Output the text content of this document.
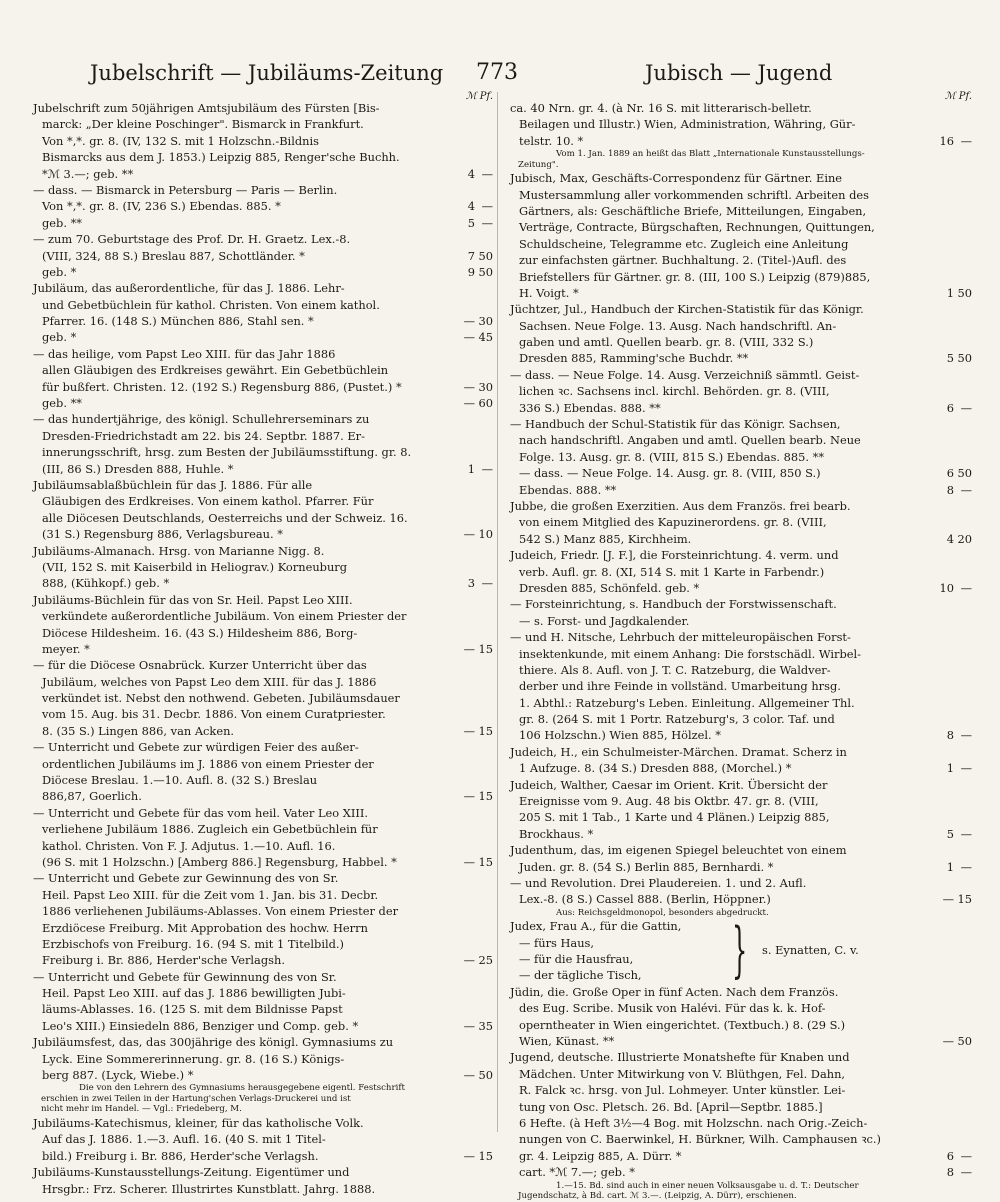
Jubelschrift — Jubiläums-Zeitung 773	Jubisch — Jugend
ℳ Pf.
Jubelschrift zum 50jährigen Amtsjubiläum des Fürsten [Bis-
marck: „Der kleine Poschinger". Bismarck in Frankfurt.
Von *,*. gr. 8. (IV, 132 S. mit 1 Holzschn.-Bildnis
Bismarcks aus dem J. 1853.) Leipzig 885, Renger'sche Buchh.
*ℳ 3.—; geb. **	4 —
— dass. — Bismarck in Petersburg — Paris — Berlin.
Von *,*. gr. 8. (IV, 236 S.) Ebendas. 885. *	4 —
geb. **	5 —
— zum 70. Geburtstage des Prof. Dr. H. Graetz. Lex.-8.
(VIII, 324, 88 S.) Breslau 887, Schottländer. *	7 50
geb. *	9 50
Jubiläum, das außerordentliche, für das J. 1886. Lehr-
und Gebetbüchlein für kathol. Christen. Von einem kathol.
Pfarrer. 16. (148 S.) München 886, Stahl sen. *	— 30
geb. *	— 45
— das heilige, vom Papst Leo XIII. für das Jahr 1886
allen Gläubigen des Erdkreises gewährt. Ein Gebetbüchlein
für bußfert. Christen. 12. (192 S.) Regensburg 886, (Pustet.) *	— 30
geb. **	— 60
— das hundertjährige, des königl. Schullehrerseminars zu
Dresden-Friedrichstadt am 22. bis 24. Septbr. 1887. Er-
innerungsschrift, hrsg. zum Besten der Jubiläumsstiftung. gr. 8.
(III, 86 S.) Dresden 888, Huhle. *	1 —
Jubiläumsablaßbüchlein für das J. 1886. Für alle
Gläubigen des Erdkreises. Von einem kathol. Pfarrer. Für
alle Diöcesen Deutschlands, Oesterreichs und der Schweiz. 16.
(31 S.) Regensburg 886, Verlagsbureau. *	— 10
Jubiläums-Almanach. Hrsg. von Marianne Nigg. 8.
(VII, 152 S. mit Kaiserbild in Heliograv.) Korneuburg
888, (Kühkopf.) geb. *	3 —
Jubiläums-Büchlein für das von Sr. Heil. Papst Leo XIII.
verkündete außerordentliche Jubiläum. Von einem Priester der
Diöcese Hildesheim. 16. (43 S.) Hildesheim 886, Borg-
meyer. *	— 15
— für die Diöcese Osnabrück. Kurzer Unterricht über das
Jubiläum, welches von Papst Leo dem XIII. für das J. 1886
verkündet ist. Nebst den nothwend. Gebeten. Jubiläumsdauer
vom 15. Aug. bis 31. Decbr. 1886. Von einem Curatpriester.
8. (35 S.) Lingen 886, van Acken.	— 15
— Unterricht und Gebete zur würdigen Feier des außer-
ordentlichen Jubiläums im J. 1886 von einem Priester der
Diöcese Breslau. 1.—10. Aufl. 8. (32 S.) Breslau
886,87, Goerlich.	— 15
— Unterricht und Gebete für das vom heil. Vater Leo XIII.
verliehene Jubiläum 1886. Zugleich ein Gebetbüchlein für
kathol. Christen. Von F. J. Adjutus. 1.—10. Aufl. 16.
(96 S. mit 1 Holzschn.) [Amberg 886.] Regensburg, Habbel. *	— 15
— Unterricht und Gebete zur Gewinnung des von Sr.
Heil. Papst Leo XIII. für die Zeit vom 1. Jan. bis 31. Decbr.
1886 verliehenen Jubiläums-Ablasses. Von einem Priester der
Erzdiöcese Freiburg. Mit Approbation des hochw. Herrn
Erzbischofs von Freiburg. 16. (94 S. mit 1 Titelbild.)
Freiburg i. Br. 886, Herder'sche Verlagsh.	— 25
— Unterricht und Gebete für Gewinnung des von Sr.
Heil. Papst Leo XIII. auf das J. 1886 bewilligten Jubi-
läums-Ablasses. 16. (125 S. mit dem Bildnisse Papst
Leo's XIII.) Einsiedeln 886, Benziger und Comp. geb. *	— 35
Jubiläumsfest, das, das 300jährige des königl. Gymnasiums zu
Lyck. Eine Sommererinnerung. gr. 8. (16 S.) Königs-
berg 887. (Lyck, Wiebe.) *	— 50
Die von den Lehrern des Gymnasiums herausgegebene eigentl. Festschrift
erschien in zwei Teilen in der Hartung'schen Verlags-Druckerei und ist
nicht mehr im Handel. — Vgl.: Friedeberg, M.
Jubiläums-Katechismus, kleiner, für das katholische Volk.
Auf das J. 1886. 1.—3. Aufl. 16. (40 S. mit 1 Titel-
bild.) Freiburg i. Br. 886, Herder'sche Verlagsh.	— 15
Jubiläums-Kunstausstellungs-Zeitung. Eigentümer und
Hrsgbr.: Frz. Scherer. Illustrirtes Kunstblatt. Jahrg. 1888.
ℳ Pf.
ca. 40 Nrn. gr. 4. (à Nr. 16 S. mit litterarisch-belletr.
Beilagen und Illustr.) Wien, Administration, Währing, Gür-
telstr. 10. *	16 —
Vom 1. Jan. 1889 an heißt das Blatt „Internationale Kunstausstellungs-
Zeitung".
Jubisch, Max, Geschäfts-Correspondenz für Gärtner. Eine
Mustersammlung aller vorkommenden schriftl. Arbeiten des
Gärtners, als: Geschäftliche Briefe, Mitteilungen, Eingaben,
Verträge, Contracte, Bürgschaften, Rechnungen, Quittungen,
Schuldscheine, Telegramme etc. Zugleich eine Anleitung
zur einfachsten gärtner. Buchhaltung. 2. (Titel-)Aufl. des
Briefstellers für Gärtner. gr. 8. (III, 100 S.) Leipzig (879)885,
H. Voigt. *	1 50
Jüchtzer, Jul., Handbuch der Kirchen-Statistik für das Königr.
Sachsen. Neue Folge. 13. Ausg. Nach handschriftl. An-
gaben und amtl. Quellen bearb. gr. 8. (VIII, 332 S.)
Dresden 885, Ramming'sche Buchdr. **	5 50
— dass. — Neue Folge. 14. Ausg. Verzeichniß sämmtl. Geist-
lichen ꝛc. Sachsens incl. kirchl. Behörden. gr. 8. (VIII,
336 S.) Ebendas. 888. **	6 —
— Handbuch der Schul-Statistik für das Königr. Sachsen,
nach handschriftl. Angaben und amtl. Quellen bearb. Neue
Folge. 13. Ausg. gr. 8. (VIII, 815 S.) Ebendas. 885. **
— dass. — Neue Folge. 14. Ausg. gr. 8. (VIII, 850 S.)	6 50
Ebendas. 888. **	8 —
Jubbe, die großen Exerzitien. Aus dem Französ. frei bearb.
von einem Mitglied des Kapuzinerordens. gr. 8. (VIII,
542 S.) Manz 885, Kirchheim.	4 20
Judeich, Friedr. [J. F.], die Forsteinrichtung. 4. verm. und
verb. Aufl. gr. 8. (XI, 514 S. mit 1 Karte in Farbendr.)
Dresden 885, Schönfeld. geb. *	10 —
— Forsteinrichtung, s. Handbuch der Forstwissenschaft.
— s. Forst- und Jagdkalender.
— und H. Nitsche, Lehrbuch der mitteleuropäischen Forst-
insektenkunde, mit einem Anhang: Die forstschädl. Wirbel-
thiere. Als 8. Aufl. von J. T. C. Ratzeburg, die Waldver-
derber und ihre Feinde in vollständ. Umarbeitung hrsg.
1. Abthl.: Ratzeburg's Leben. Einleitung. Allgemeiner Thl.
gr. 8. (264 S. mit 1 Portr. Ratzeburg's, 3 color. Taf. und
106 Holzschn.) Wien 885, Hölzel. *	8 —
Judeich, H., ein Schulmeister-Märchen. Dramat. Scherz in
1 Aufzuge. 8. (34 S.) Dresden 888, (Morchel.) *	1 —
Judeich, Walther, Caesar im Orient. Krit. Übersicht der
Ereignisse vom 9. Aug. 48 bis Oktbr. 47. gr. 8. (VIII,
205 S. mit 1 Tab., 1 Karte und 4 Plänen.) Leipzig 885,
Brockhaus. *	5 —
Judenthum, das, im eigenen Spiegel beleuchtet von einem
Juden. gr. 8. (54 S.) Berlin 885, Bernhardi. *	1 —
— und Revolution. Drei Plaudereien. 1. und 2. Aufl.
Lex.-8. (8 S.) Cassel 888. (Berlin, Höppner.)	— 15
Aus: Reichsgeldmonopol, besonders abgedruckt.
Judex, Frau A., für die Gattin,
— fürs Haus,
— für die Hausfrau,
— der tägliche Tisch,	} s. Eynatten, C. v.
Jüdin, die. Große Oper in fünf Acten. Nach dem Französ.
des Eug. Scribe. Musik von Halévi. Für das k. k. Hof-
operntheater in Wien eingerichtet. (Textbuch.) 8. (29 S.)
Wien, Künast. **	— 50
Jugend, deutsche. Illustrierte Monatshefte für Knaben und
Mädchen. Unter Mitwirkung von V. Blüthgen, Fel. Dahn,
R. Falck ꝛc. hrsg. von Jul. Lohmeyer. Unter künstler. Lei-
tung von Osc. Pletsch. 26. Bd. [April—Septbr. 1885.]
6 Hefte. (à Heft 3½—4 Bog. mit Holzschn. nach Orig.-Zeich-
nungen von C. Baerwinkel, H. Bürkner, Wilh. Camphausen ꝛc.)
gr. 4. Leipzig 885, A. Dürr. *	6 —
cart. *ℳ 7.—; geb. *	8 —
1.—15. Bd. sind auch in einer neuen Volksausgabe u. d. T.: Deutscher
Jugendschatz, à Bd. cart. ℳ 3.—. (Leipzig, A. Dürr), erschienen.
